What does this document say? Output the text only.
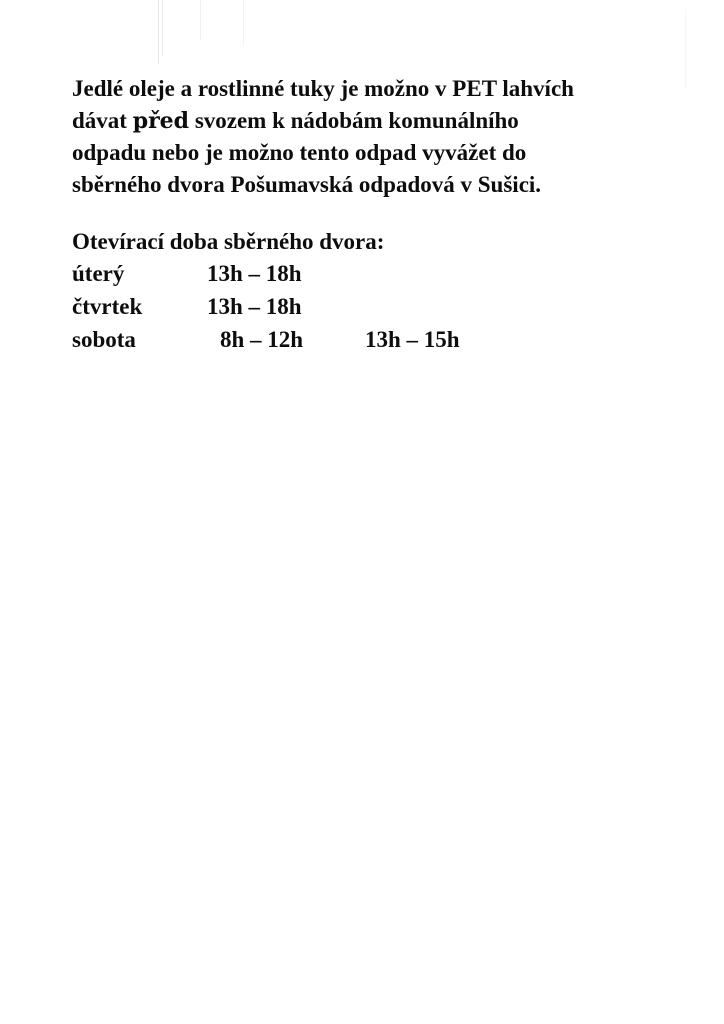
Jedlé oleje a rostlinné tuky je možno v PET lahvích

dávat před svozem k nádobám komunálního

odpadu nebo je možno tento odpad vyvážet do

sběrného dvora Pošumavská odpadová v Sušici.

Otevírací doba sběrného dvora:

úterý	13h – 18h
čtvrtek	13h – 18h
sobota	8h – 12h	13h – 15h
